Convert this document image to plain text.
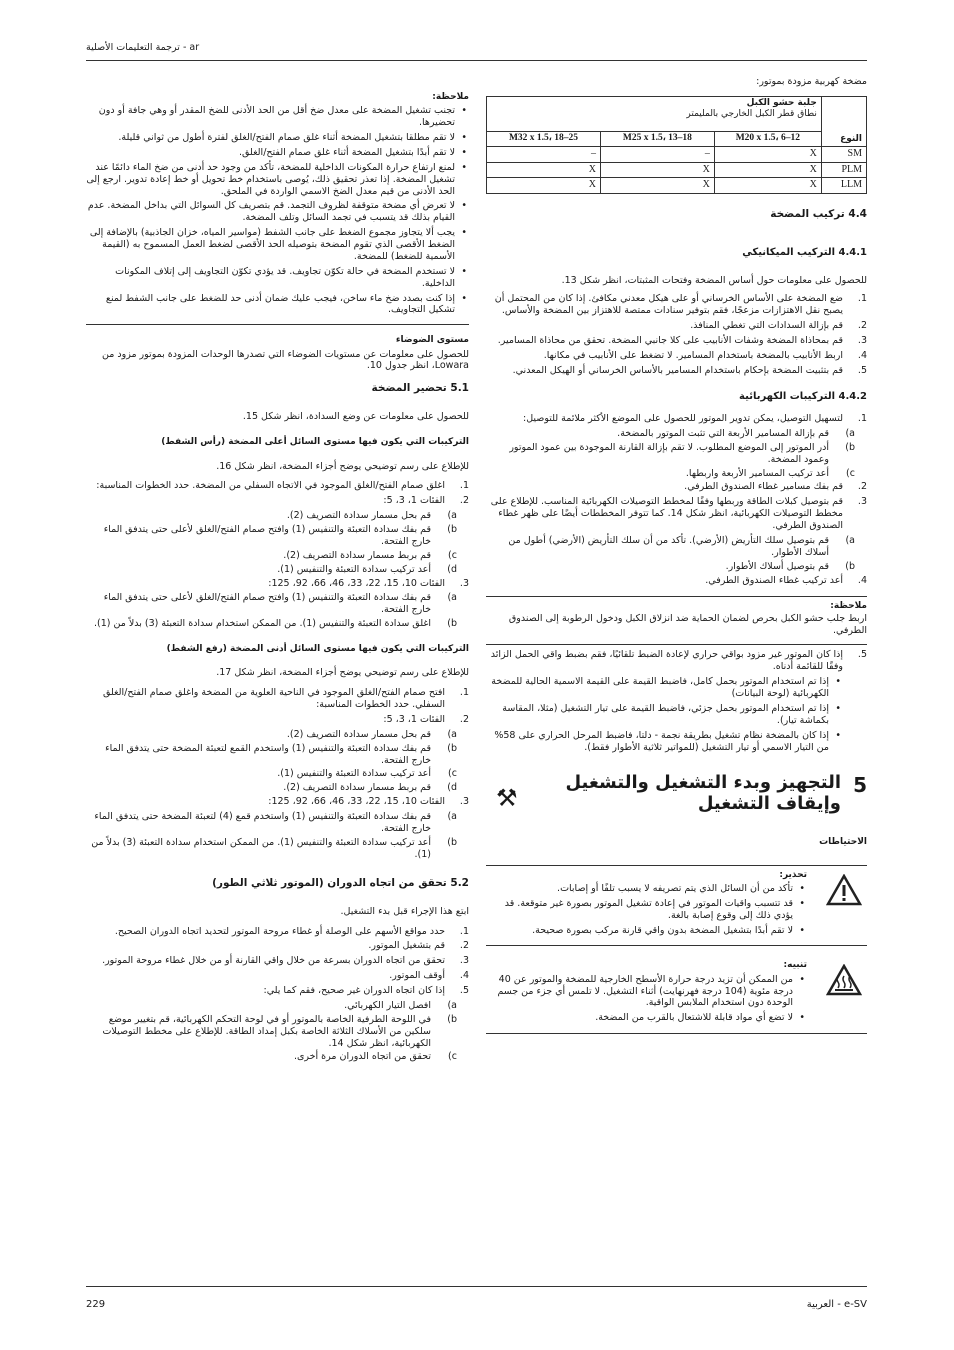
ar - ترجمة التعليمات الأصلية
ملاحظة:
• تجنب تشغيل المضخة على معدل ضخ أقل من الحد الأدنى للضخ المقدر أو وهي جافة أو دون تحضيرها.
• لا تقم مطلقا بتشغيل المضخة أثناء غلق صمام الفتح/الغلق لفترة أطول من ثواني قليلة.
• لا تقم أبدًا بتشغيل المضخة أثناء غلق صمام الفتح/الغلق.
• لمنع ارتفاع حرارة المكونات الداخلية للمضخة، تأكد من وجود حد أدنى من ضخ الماء دائمًا عند تشغيل المضخة. إذا تعذر تحقيق ذلك، يُوصى باستخدام خط تحويل أو خط إعادة تدوير. ارجع إلى الحد الأدنى من قيم معدل الضخ الاسمي الواردة في الملحق.
• لا تعرض أي مضخة متوقفة لظروف التجمد. قم بتصريف كل السوائل التي بداخل المضخة. عدم القيام بذلك قد يتسبب في تجمد السائل وتلف المضخة.
• يجب ألا يتجاوز مجموع الضغط على جانب الشفط (مواسير المياه، خزان الجاذبية) بالإضافة إلى الضغط الأقصى الذي تقوم المضخة بتوصيله الحد الأقصى لضغط العمل المسموح به (القيمة الأسمية للضغط) للمضخة.
• لا تستخدم المضخة في حالة تكوّن تجاويف. قد يؤدي تكوّن التجاويف إلى إتلاف المكونات الداخلية.
• إذا كنت بصدد ضخ ماء ساخن، فيجب عليك ضمان أدنى حد للضغط على جانب الشفط لمنع تشكيل التجاويف.
مستوى الضوضاء
للحصول على معلومات عن مستويات الضوضاء التي تصدرها الوحدات المزودة بموتور مزود من Lowara، انظر جدول 10.
5.1 تحضير المضخة
للحصول على معلومات عن وضع السدادة، انظر شكل 15.
التركيبات التي يكون فيها مستوى السائل أعلى المضخة (رأس الشفط)
للإطلاع على رسم توضيحي يوضح أجزاء المضخة، انظر شكل 16.
1.
اغلق صمام الفتح/الغلق الموجود في الاتجاه السفلي من المضخة. حدد الخطوات المناسبة:
2.
الفئات 1، 3، 5:
a)
قم بحل مسمار سدادة التصريف (2).
b)
قم بفك سدادة التعبئة والتنفيس (1) وافتح صمام الفتح/الغلق لأعلى حتى يتدفق الماء خارج الفتحة.
c)
قم بربط مسمار سدادة التصريف (2).
d)
أعد تركيب سدادة التعبئة والتنفيس (1).
3.
الفئات 10، 15، 22، 33، 46، 66، 92، 125:
a)
قم بفك سدادة التعبئة والتنفيس (1) وافتح صمام الفتح/الغلق لأعلى حتى يتدفق الماء خارج الفتحة.
b)
اغلق سدادة التعبئة والتنفيس (1). من الممكن استخدام سدادة التعبئة (3) بدلاً من (1).
التركيبات التي يكون فيها مستوى السائل أدنى المضخة (رفع الشفط)
للإطلاع على رسم توضيحي يوضح أجزاء المضخة، انظر شكل 17.
1.
افتح صمام الفتح/الغلق الموجود في الناحية العلوية من المضخة واغلق صمام الفتح/الغلق السفلي. حدد الخطوات المناسبة:
2.
الفئات 1، 3، 5:
a)
قم بحل مسمار سدادة التصريف (2).
b)
قم بفك سدادة التعبئة والتنفيس (1) واستخدم القمع لتعبئة المضخة حتى يتدفق الماء خارج الفتحة.
c)
أعد تركيب سدادة التعبئة والتنفيس (1).
d)
قم بربط مسمار سدادة التصريف (2).
3.
الفئات 10، 15، 22، 33، 46، 66، 92، 125:
a)
قم بفك سدادة التعبئة والتنفيس (1) واستخدم قمع (4) لتعبئة المضخة حتى يتدفق الماء خارج الفتحة.
b)
أعد تركيب سدادة التعبئة والتنفيس (1). من الممكن استخدام سدادة التعبئة (3) بدلاً من (1).
5.2 تحقق من اتجاه الدوران (الموتور ثلاثي الطور)
ابتع هذا الإجراء قبل بدء التشغيل.
1.
حدد مواقع الأسهم على الوصلة أو غطاء مروحة الموتور لتحديد اتجاه الدوران الصحيح.
2.
قم بتشغيل الموتور.
3.
تحقق من اتجاه الدوران بسرعة من خلال واقي القارنة أو من خلال غطاء مروحة الموتور.
4.
أوقف الموتور.
5.
إذا كان اتجاه الدوران غير صحيح، فقم كما يلي:
a)
افصل التيار الكهربائي.
b)
في اللوحة الطرفية الخاصة بالموتور أو في لوحة التحكم الكهربائية، قم بتغيير موضع سلكين من الأسلاك الثلاثة الخاصة بكبل إمداد الطاقة. للإطلاع على مخطط التوصيلات الكهربائية، انظر شكل 14.
c)
تحقق من اتجاه الدوران مرة أخرى.
مضخة كهربية مزودة بموتور:
النوع	جلبة حشو الكبل
نطاق قطر الكبل الخارجي بالمليمتر		

	M20 x 1.5، 6–12	M25 x 1.5، 13–18	M32 x 1.5، 18–25
SM	X	–	–
PLM	X	X	X
LLM	X	X	X
4.4 تركيب المضخة
4.4.1 التركيب الميكانيكي
للحصول على معلومات حول أساس المضخة وفتحات المثبتات، انظر شكل 13.
1.
ضع المضخة على الأساس الخرساني أو على هيكل معدني مكافئ. إذا كان من المحتمل أن يصبح نقل الاهتزازات مزعجًا، فقم بتوفير سنادات ممتصة للاهتزاز بين المضخة والأساس.
2.
قم بإزالة السدادات التي تغطي المنافذ.
3.
قم بمحاذاة المضخة وشفات الأنابيب على كلا جانبي المضخة. تحقق من محاذاة المسامير.
4.
اربط الأنابيب بالمضخة باستخدام المسامير. لا تضغط على الأنابيب في مكانها.
5.
قم بتثبيت المضخة بإحكام باستخدام المسامير بالأساس الخرساني أو الهيكل المعدني.
4.4.2 التركيبات الكهربائية
1.
لتسهيل التوصيل، يمكن تدوير الموتور للحصول على الموضع الأكثر ملائمة للتوصيل:
a)
قم بإزالة المسامير الأربعة التي تثبت الموتور بالمضخة.
b)
أدر الموتور إلى الموضع المطلوب. لا تقم بإزالة القارنة الموجودة بين عمود الموتور وعمود المضخة.
c)
أعد تركيب المسامير الأربعة واربطها.
2.
قم بفك مسامير غطاء الصندوق الطرفي.
3.
قم بتوصيل كبلات الطاقة وربطها وفقًا لمخطط التوصيلات الكهربائية المناسب. للإطلاع على مخطط التوصيلات الكهربائية، انظر شكل 14. كما تتوفر المخططات أيضًا على ظهر غطاء الصندوق الطرفي.
a)
قم بتوصيل سلك التأريض (الأرضي). تأكد من أن سلك التأريض (الأرضي) أطول من أسلاك الأطوار.
b)
قم بتوصيل أسلاك الأطوار.
4.
أعد تركيب غطاء الصندوق الطرفي.
ملاحظة:
اربط جلب حشو الكبل بحرص لضمان الحماية ضد انزلاق الكبل ودخول الرطوبة إلى الصندوق الطرفي.
5.
إذا كان الموتور غير مزود بواقي حراري لإعادة الضبط تلقائيًا، فقم بضبط واقي الحمل الزائد وفقًا للقائمة أدناه.
• إذا تم استخدام الموتور بحمل كامل، فاضبط القيمة على القيمة الاسمية الحالية للمضخة الكهربائية (لوحة البيانات)
• إذا تم استخدام الموتور بحمل جزئي، فاضبط القيمة على تيار التشغيل (مثلا، المقاسة بكماشة تيار).
• إذا كان بالمضخة نظام تشغيل بطريقة نجمة - دلتا، فاضبط المرحل الحراري على 58% من التيار الاسمي أو تيار التشغيل (للمواتير ثلاثية الأطوار فقط).
5
التجهيز وبدء التشغيل والتشغيل وإيقاف التشغيل
⚒
الاحتياطات
تحذير:
• تأكد من أن السائل الذي يتم تصريفه لا يسبب تلفًا أو إصابات.
• قد تتسبب واقيات الموتور في إعادة تشغيل الموتور بصورة غير متوقعة. قد يؤدي ذلك إلى وقوع إصابة بالغة.
• لا تقم أبدًا بتشغيل المضخة بدون واقي قارنة مركب بصورة صحيحة.
تنبيه:
• من الممكن أن تزيد درجة حرارة الأسطح الخارجية للمضخة والموتور عن 40 درجة مئوية (104 درجة فهرنهايت) أثناء التشغيل. لا تلمس أي جزء من جسم الوحدة دون استخدام الملابس الواقية.
• لا تضع أي مواد قابلة للاشتعال بالقرب من المضخة.
229	e-SV - العربية
